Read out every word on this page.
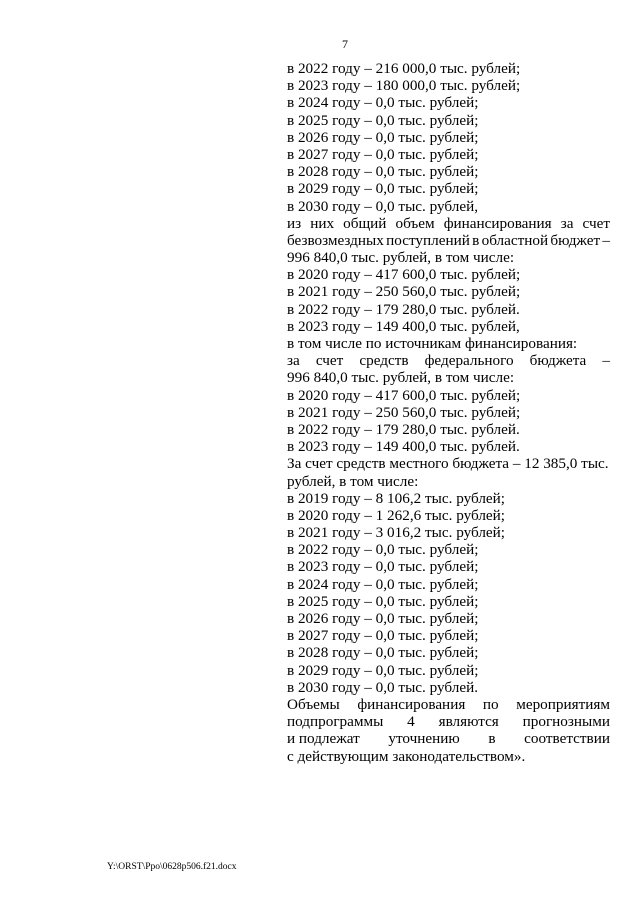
7
в 2022 году – 216 000,0 тыс. рублей;
в 2023 году – 180 000,0 тыс. рублей;
в 2024 году – 0,0 тыс. рублей;
в 2025 году – 0,0 тыс. рублей;
в 2026 году – 0,0 тыс. рублей;
в 2027 году – 0,0 тыс. рублей;
в 2028 году – 0,0 тыс. рублей;
в 2029 году – 0,0 тыс. рублей;
в 2030 году – 0,0 тыс. рублей,
из них общий объем финансирования за счет
безвозмездных поступлений в областной бюджет –
996 840,0 тыс. рублей, в том числе:
в 2020 году – 417 600,0 тыс. рублей;
в 2021 году – 250 560,0 тыс. рублей;
в 2022 году – 179 280,0 тыс. рублей.
в 2023 году – 149 400,0 тыс. рублей,
в том числе по источникам финансирования:
за счет средств федерального бюджета –
996 840,0 тыс. рублей, в том числе:
в 2020 году – 417 600,0 тыс. рублей;
в 2021 году – 250 560,0 тыс. рублей;
в 2022 году – 179 280,0 тыс. рублей.
в 2023 году – 149 400,0 тыс. рублей.
За счет средств местного бюджета – 12 385,0 тыс.
рублей, в том числе:
в 2019 году – 8 106,2 тыс. рублей;
в 2020 году – 1 262,6 тыс. рублей;
в 2021 году – 3 016,2 тыс. рублей;
в 2022 году – 0,0 тыс. рублей;
в 2023 году – 0,0 тыс. рублей;
в 2024 году – 0,0 тыс. рублей;
в 2025 году – 0,0 тыс. рублей;
в 2026 году – 0,0 тыс. рублей;
в 2027 году – 0,0 тыс. рублей;
в 2028 году – 0,0 тыс. рублей;
в 2029 году – 0,0 тыс. рублей;
в 2030 году – 0,0 тыс. рублей.
Объемы финансирования по мероприятиям
подпрограммы 4 являются прогнозными
и подлежат уточнению в соответствии
с действующим законодательством».
Y:\ORST\Ppo\0628p506.f21.docx
